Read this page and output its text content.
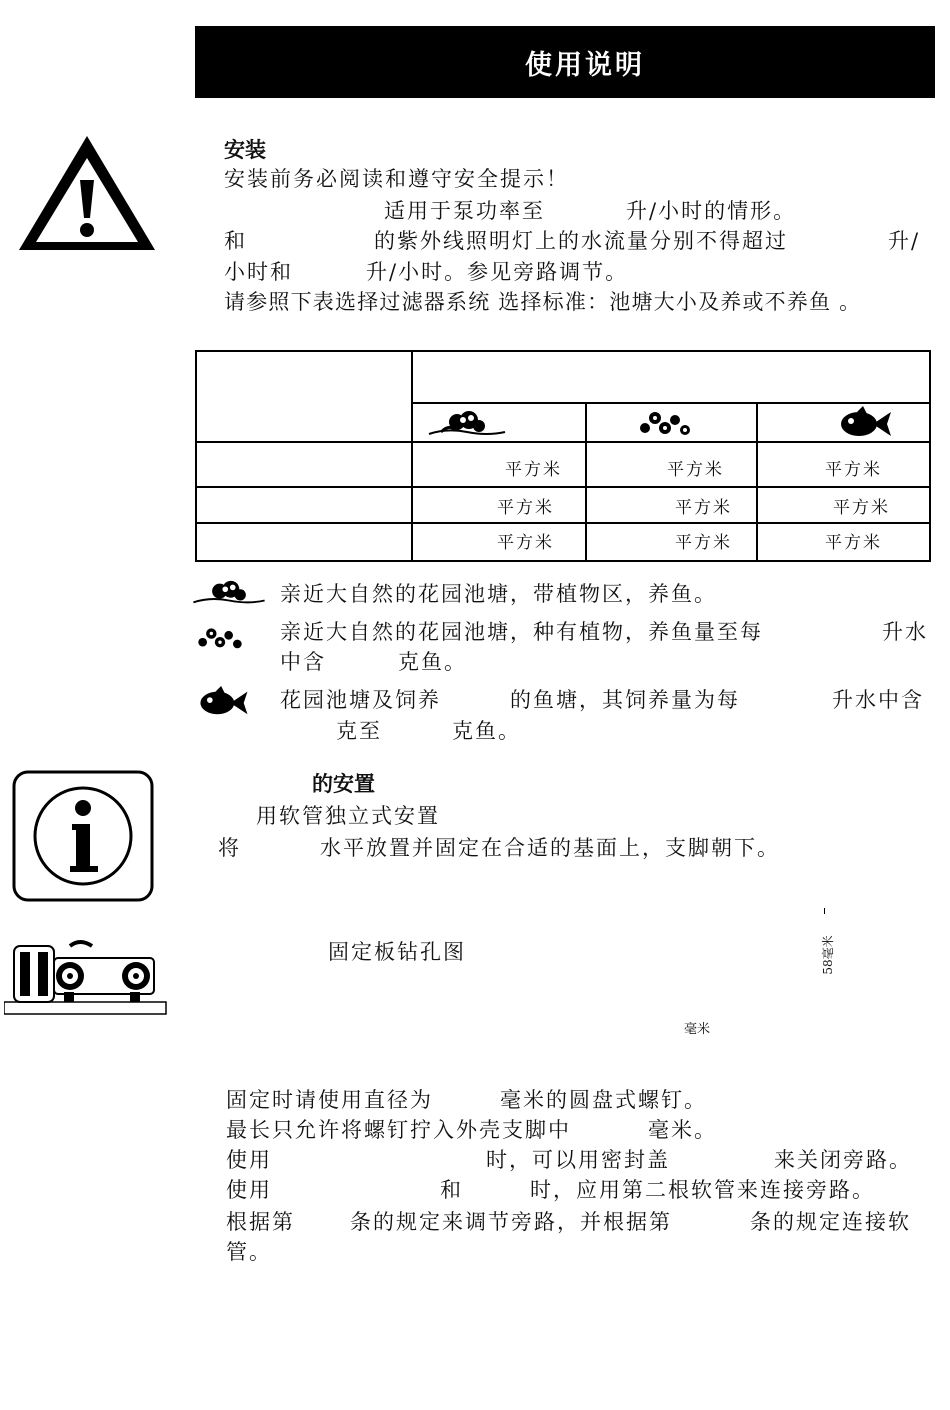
使用说明
安装
安装前务必阅读和遵守安全提示！
适用于泵功率至	升/小时的情形。
和	的紫外线照明灯上的水流量分别不得超过	升/
小时和	升/小时。参见旁路调节。
请参照下表选择过滤器系统 选择标准：池塘大小及养或不养鱼 。
平方米	平方米	平方米
平方米	平方米	平方米
平方米	平方米	平方米
亲近大自然的花园池塘，带植物区，养鱼。
亲近大自然的花园池塘，种有植物，养鱼量至每	升水
中含	克鱼。
花园池塘及饲养	的鱼塘，其饲养量为每	升水中含
克至	克鱼。
的安置
用软管独立式安置
将	水平放置并固定在合适的基面上，支脚朝下。
固定板钻孔图	58毫米
毫米
固定时请使用直径为	毫米的圆盘式螺钉。
最长只允许将螺钉拧入外壳支脚中	毫米。
使用	时，可以用密封盖	来关闭旁路。
使用	和	时，应用第二根软管来连接旁路。
根据第	条的规定来调节旁路，并根据第	条的规定连接软
管。
